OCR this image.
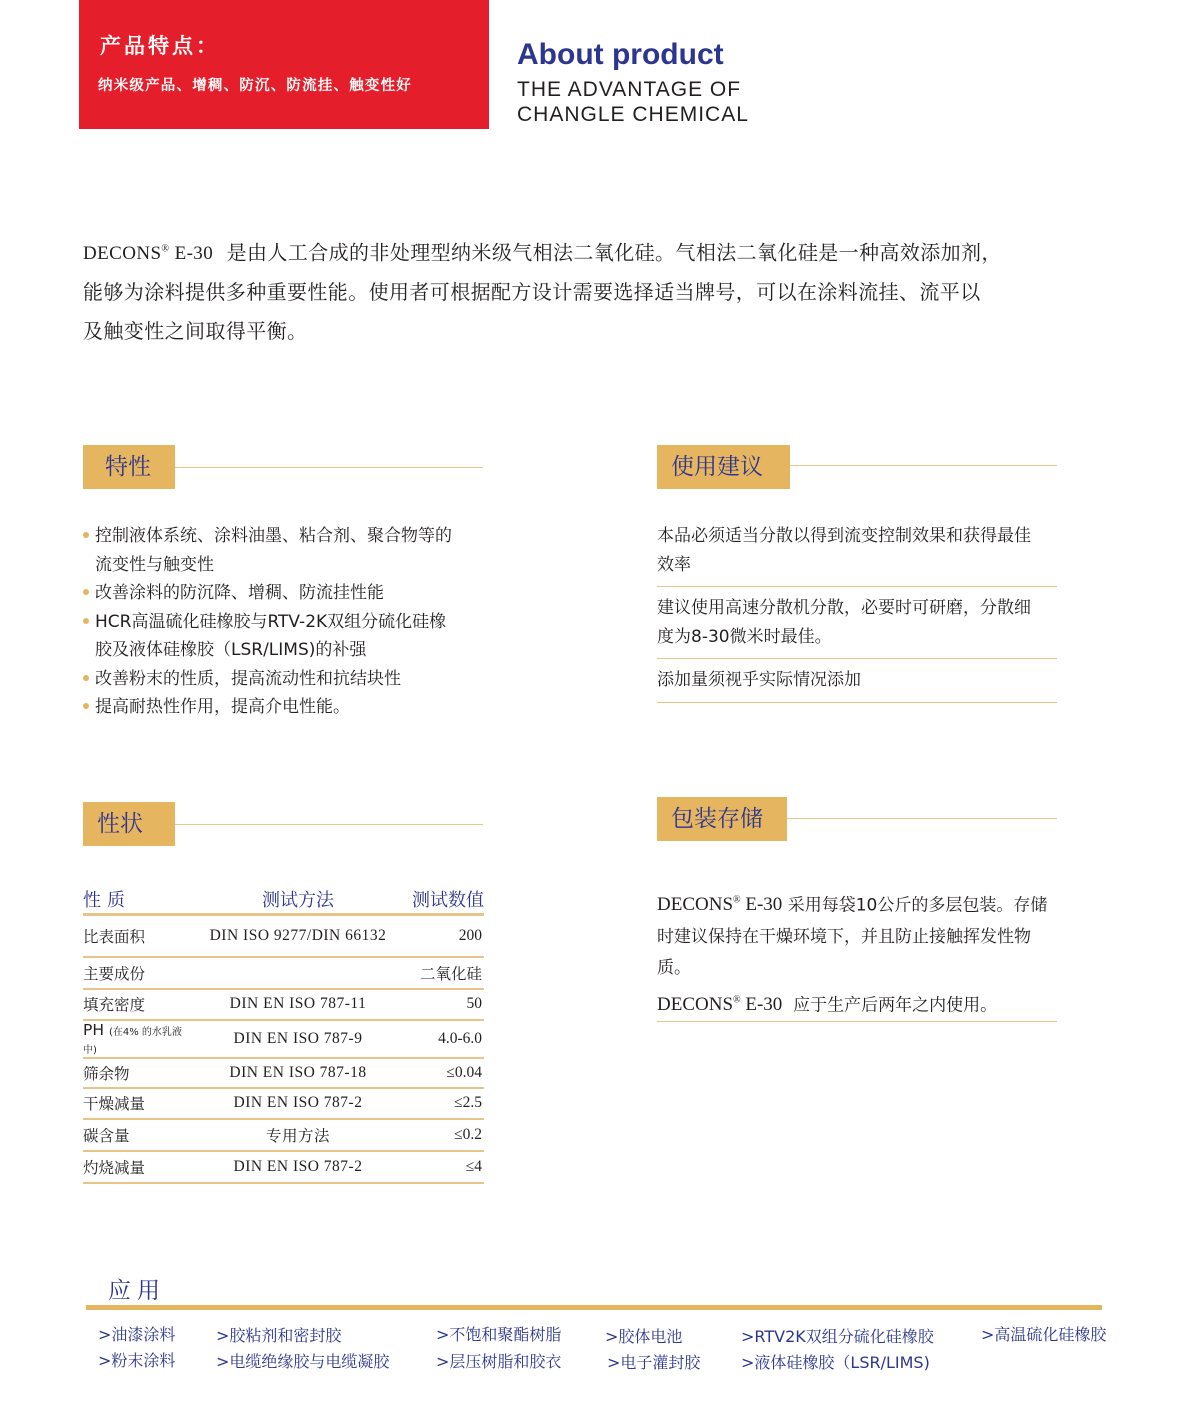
产品特点：
纳米级产品、增稠、防沉、防流挂、触变性好
About product
THE ADVANTAGE OF
CHANGLE CHEMICAL
DECONS® E-30 是由人工合成的非处理型纳米级气相法二氧化硅。气相法二氧化硅是一种高效添加剂，
能够为涂料提供多种重要性能。使用者可根据配方设计需要选择适当牌号，可以在涂料流挂、流平以
及触变性之间取得平衡。
特性	使用建议
性状	包装存储
控制液体系统、涂料油墨、粘合剂、聚合物等的
流变性与触变性
改善涂料的防沉降、增稠、防流挂性能
HCR高温硫化硅橡胶与RTV-2K双组分硫化硅橡
胶及液体硅橡胶（LSR/LIMS)的补强
改善粉末的性质，提高流动性和抗结块性
提高耐热性作用，提高介电性能。
本品必须适当分散以得到流变控制效果和获得最佳
效率
建议使用高速分散机分散，必要时可研磨，分散细
度为8-30微米时最佳。
添加量须视乎实际情况添加
性质	测试方法	测试数值
比表面积	DIN ISO 9277/DIN 66132	200
主要成份		二氧化硅
填充密度	DIN EN ISO 787-11	50
PH (在4% 的水乳液中)	DIN EN ISO 787-9	4.0-6.0
筛余物	DIN EN ISO 787-18	≤0.04
干燥减量	DIN EN ISO 787-2	≤2.5
碳含量	专用方法	≤0.2
灼烧减量	DIN EN ISO 787-2	≤4
DECONS® E-30 采用每袋10公斤的多层包装。存储
时建议保持在干燥环境下，并且防止接触挥发性物
质。
DECONS® E-30 应于生产后两年之内使用。
应用
>油漆涂料
>粉末涂料
>胶粘剂和密封胶
>电缆绝缘胶与电缆凝胶
>不饱和聚酯树脂
>层压树脂和胶衣
>胶体电池
>电子灌封胶
>RTV2K双组分硫化硅橡胶
>液体硅橡胶（LSR/LIMS)
>高温硫化硅橡胶
